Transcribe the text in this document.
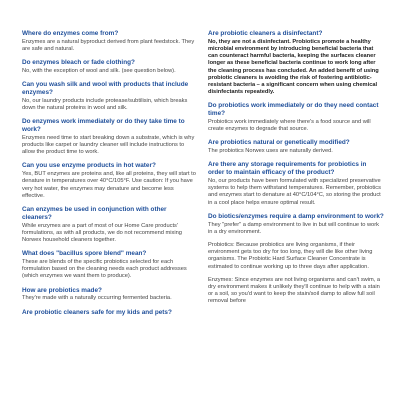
Where do enzymes come from?

Enzymes are a natural byproduct derived from plant feedstock. They are safe and natural.

Do enzymes bleach or fade clothing?

No, with the exception of wool and silk. (see question below).

Can you wash silk and wool with products that include enzymes?

No, our laundry products include protease/subtilisin, which breaks down the natural proteins in wool and silk.

Do enzymes work immediately or do they take time to work?

Enzymes need time to start breaking down a substrate, which is why products like carpet or laundry cleaner will include instructions to allow the product time to work.

Can you use enzyme products in hot water?

Yes, BUT enzymes are proteins and, like all proteins, they will start to denature in temperatures over 40°C/105°F. Use caution: If you have very hot water, the enzymes may denature and become less effective.

Can enzymes be used in conjunction with other cleaners?

While enzymes are a part of most of our Home Care products' formulations, as with all products, we do not recommend mixing Norwex household cleaners together.

What does "bacillus spore blend" mean?

These are blends of the specific probiotics selected for each formulation based on the cleaning needs each product addresses (which enzymes we want them to produce).

How are probiotics made?

They're made with a naturally occurring fermented bacteria.

Are probiotic cleaners safe for my kids and pets?
Are probiotic cleaners a disinfectant?

No, they are not a disinfectant. Probiotics promote a healthy microbial environment by introducing beneficial bacteria that can counteract harmful bacteria, keeping the surfaces cleaner longer as these beneficial bacteria continue to work long after the cleaning process has concluded. An added benefit of using probiotic cleaners is avoiding the risk of fostering antibiotic-resistant bacteria – a significant concern when using chemical disinfectants repeatedly.

Do probiotics work immediately or do they need contact time?

Probiotics work immediately where there's a food source and will create enzymes to degrade that source.

Are probiotics natural or genetically modified?

The probiotics Norwex uses are naturally derived.

Are there any storage requirements for probiotics in order to maintain efficacy of the product?

No, our products have been formulated with specialized preservative systems to help them withstand temperatures. Remember, probiotics and enzymes start to denature at 40°C/104°C, so storing the product in a cool place helps ensure optimal result.

Do biotics/enzymes require a damp environment to work?

They "prefer" a damp environment to live in but will continue to work in a dry environment.

Probiotics: Because probiotics are living organisms, if their environment gets too dry for too long, they will die like other living organisms. The Probiotic Hard Surface Cleaner Concentrate is estimated to continue working up to three days after application.

Enzymes: Since enzymes are not living organisms and can't swim, a dry environment makes it unlikely they'll continue to help with a stain or a soil, so you'd want to keep the stain/soil damp to allow full soil removal before
